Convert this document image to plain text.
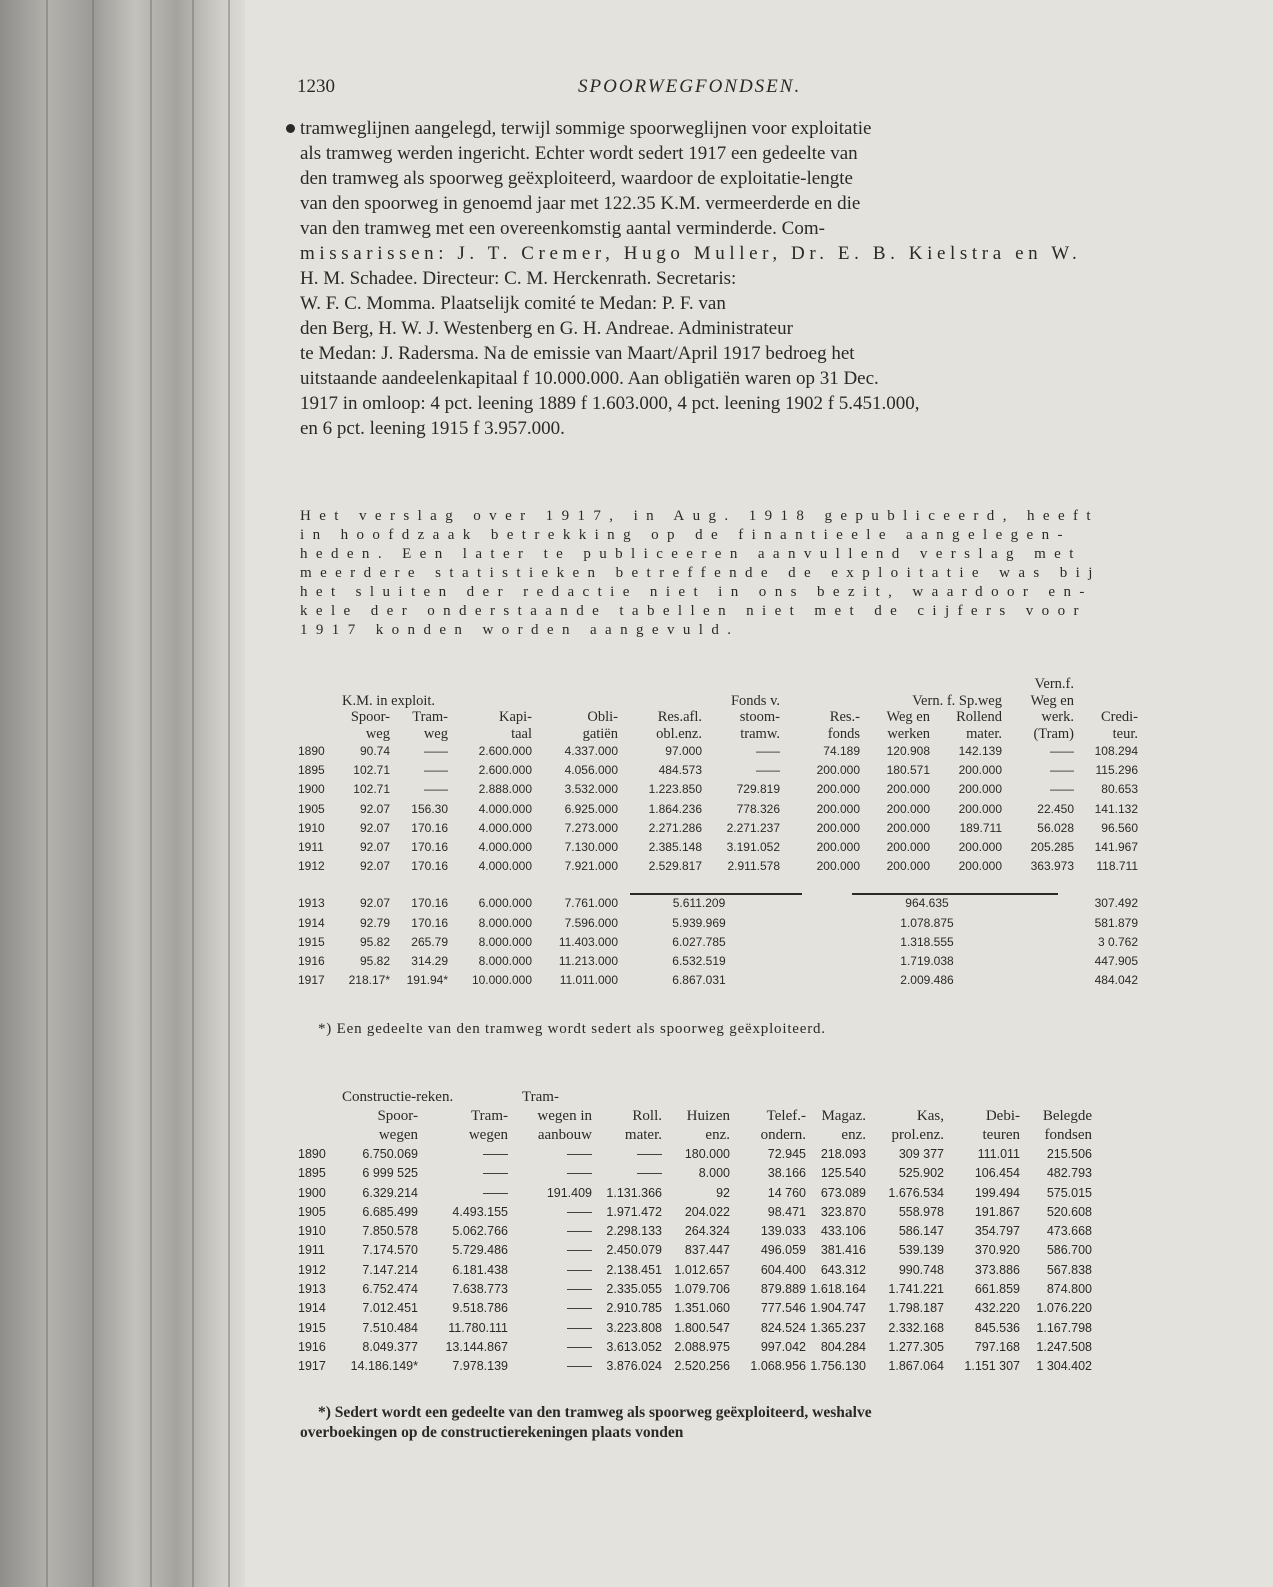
1230	SPOORWEGFONDSEN.
tramweglijnen aangelegd, terwijl sommige spoorweglijnen voor exploitatie
als tramweg werden ingericht. Echter wordt sedert 1917 een gedeelte van
den tramweg als spoorweg geëxploiteerd, waardoor de exploitatie-lengte
van den spoorweg in genoemd jaar met 122.35 K.M. vermeerderde en die
van den tramweg met een overeenkomstig aantal verminderde. Com-
missarissen: J. T. Cremer, Hugo Muller, Dr. E. B. Kielstra en W.
H. M. Schadee. Directeur: C. M. Herckenrath. Secretaris:
W. F. C. Momma. Plaatselijk comité te Medan: P. F. van
den Berg, H. W. J. Westenberg en G. H. Andreae. Administrateur
te Medan: J. Radersma. Na de emissie van Maart/April 1917 bedroeg het
uitstaande aandeelenkapitaal f 10.000.000. Aan obligatiën waren op 31 Dec.
1917 in omloop: 4 pct. leening 1889 f 1.603.000, 4 pct. leening 1902 f 5.451.000,
en 6 pct. leening 1915 f 3.957.000.
Het verslag over 1917, in Aug. 1918 gepubliceerd, heeft
in hoofdzaak betrekking op de finantieele aangelegen-
heden. Een later te publiceeren aanvullend verslag met
meerdere statistieken betreffende de exploitatie was bij
het sluiten der redactie niet in ons bezit, waardoor en-
kele der onderstaande tabellen niet met de cijfers voor
1917 konden worden aangevuld.
										Vern.f.	
	K.M. in exploit.					Fonds v.		Vern. f. Sp.weg		Weg en	
	Spoor-	Tram-	Kapi-	Obli-	Res.afl.	stoom-	Res.-	Weg en	Rollend	werk.	Credi-
	weg	weg	taal	gatiën	obl.enz.	tramw.	fonds	werken	mater.	(Tram)	teur.
1890	90.74	——	2.600.000	4.337.000	97.000	——	74.189	120.908	142.139	——	108.294
1895	102.71	——	2.600.000	4.056.000	484.573	——	200.000	180.571	200.000	——	115.296
1900	102.71	——	2.888.000	3.532.000	1.223.850	729.819	200.000	200.000	200.000	——	80.653
1905	92.07	156.30	4.000.000	6.925.000	1.864.236	778.326	200.000	200.000	200.000	22.450	141.132
1910	92.07	170.16	4.000.000	7.273.000	2.271.286	2.271.237	200.000	200.000	189.711	56.028	96.560
1911	92.07	170.16	4.000.000	7.130.000	2.385.148	3.191.052	200.000	200.000	200.000	205.285	141.967
1912	92.07	170.16	4.000.000	7.921.000	2.529.817	2.911.578	200.000	200.000	200.000	363.973	118.711

1913	92.07	170.16	6.000.000	7.761.000	5.611.209		964.635				307.492
1914	92.79	170.16	8.000.000	7.596.000	5.939.969		1.078.875				581.879
1915	95.82	265.79	8.000.000	11.403.000	6.027.785		1.318.555				3 0.762
1916	95.82	314.29	8.000.000	11.213.000	6.532.519		1.719.038				447.905
1917	218.17*	191.94*	10.000.000	11.011.000	6.867.031		2.009.486				484.042
*) Een gedeelte van den tramweg wordt sedert als spoorweg geëxploiteerd.
	Constructie-reken.		Tram-							
	Spoor-	Tram-	wegen in	Roll.	Huizen	Telef.-	Magaz.	Kas,	Debi-	Belegde
	wegen	wegen	aanbouw	mater.	enz.	ondern.	enz.	prol.enz.	teuren	fondsen
1890	6.750.069	——	——	——	180.000	72.945	218.093	309 377	111.011	215.506
1895	6 999 525	——	——	——	8.000	38.166	125.540	525.902	106.454	482.793
1900	6.329.214	——	191.409	1.131.366	92	14 760	673.089	1.676.534	199.494	575.015
1905	6.685.499	4.493.155	——	1.971.472	204.022	98.471	323.870	558.978	191.867	520.608
1910	7.850.578	5.062.766	——	2.298.133	264.324	139.033	433.106	586.147	354.797	473.668
1911	7.174.570	5.729.486	——	2.450.079	837.447	496.059	381.416	539.139	370.920	586.700
1912	7.147.214	6.181.438	——	2.138.451	1.012.657	604.400	643.312	990.748	373.886	567.838
1913	6.752.474	7.638.773	——	2.335.055	1.079.706	879.889	1.618.164	1.741.221	661.859	874.800
1914	7.012.451	9.518.786	——	2.910.785	1.351.060	777.546	1.904.747	1.798.187	432.220	1.076.220
1915	7.510.484	11.780.111	——	3.223.808	1.800.547	824.524	1.365.237	2.332.168	845.536	1.167.798
1916	8.049.377	13.144.867	——	3.613.052	2.088.975	997.042	804.284	1.277.305	797.168	1.247.508
1917	14.186.149*	7.978.139	——	3.876.024	2.520.256	1.068.956	1.756.130	1.867.064	1.151 307	1 304.402
*) Sedert wordt een gedeelte van den tramweg als spoorweg geëxploiteerd, weshalve
overboekingen op de constructierekeningen plaats vonden
